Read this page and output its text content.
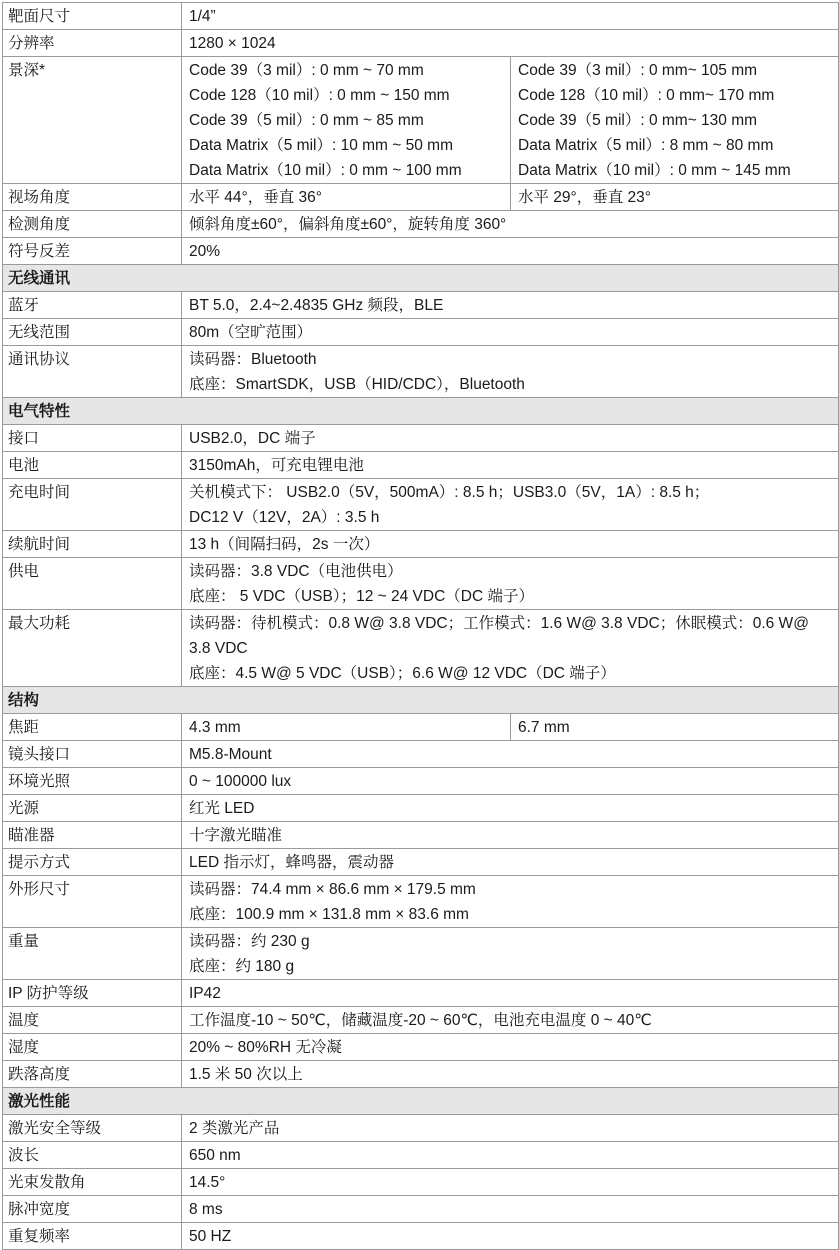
靶面尺寸	1/4”	

分辨率	1280 × 1024	

景深*	Code 39（3 mil）: 0 mm ~ 70 mm
Code 128（10 mil）: 0 mm ~ 150 mm
Code 39（5 mil）: 0 mm ~ 85 mm
Data Matrix（5 mil）: 10 mm ~ 50 mm
Data Matrix（10 mil）: 0 mm ~ 100 mm	Code 39（3 mil）: 0 mm~ 105 mm
Code 128（10 mil）: 0 mm~ 170 mm
Code 39（5 mil）: 0 mm~ 130 mm
Data Matrix（5 mil）: 8 mm ~ 80 mm
Data Matrix（10 mil）: 0 mm ~ 145 mm

视场角度	水平 44°，垂直 36°	水平 29°，垂直 23°

检测角度	倾斜角度±60°，偏斜角度±60°，旋转角度 360°	

符号反差	20%	

无线通讯		
蓝牙	BT 5.0，2.4~2.4835 GHz 频段，BLE	

无线范围	80m（空旷范围）	

通讯协议	读码器：Bluetooth
底座：SmartSDK，USB（HID/CDC），Bluetooth	

电气特性		
接口	USB2.0，DC 端子	

电池	3150mAh，可充电锂电池	

充电时间	关机模式下： USB2.0（5V，500mA）: 8.5 h；USB3.0（5V，1A）: 8.5 h；
DC12 V（12V，2A）: 3.5 h	

续航时间	13 h（间隔扫码，2s 一次）	

供电	读码器：3.8 VDC（电池供电）
底座： 5 VDC（USB）；12 ~ 24 VDC（DC 端子）	

最大功耗	读码器：待机模式：0.8 W@ 3.8 VDC；工作模式：1.6 W@ 3.8 VDC；休眠模式：0.6 W@
3.8 VDC
底座：4.5 W@ 5 VDC（USB）；6.6 W@ 12 VDC（DC 端子）	

结构		
焦距	4.3 mm	6.7 mm

镜头接口	M5.8-Mount	

环境光照	0 ~ 100000 lux	

光源	红光 LED	

瞄准器	十字激光瞄准	

提示方式	LED 指示灯，蜂鸣器，震动器	

外形尺寸	读码器：74.4 mm × 86.6 mm × 179.5 mm
底座：100.9 mm × 131.8 mm × 83.6 mm	

重量	读码器：约 230 g
底座：约 180 g	

IP 防护等级	IP42	

温度	工作温度-10 ~ 50℃，储藏温度-20 ~ 60℃，电池充电温度 0 ~ 40℃	

湿度	20% ~ 80%RH 无冷凝	

跌落高度	1.5 米 50 次以上	

激光性能		
激光安全等级	2 类激光产品	

波长	650 nm	

光束发散角	14.5°	

脉冲宽度	8 ms	

重复频率	50 HZ	
